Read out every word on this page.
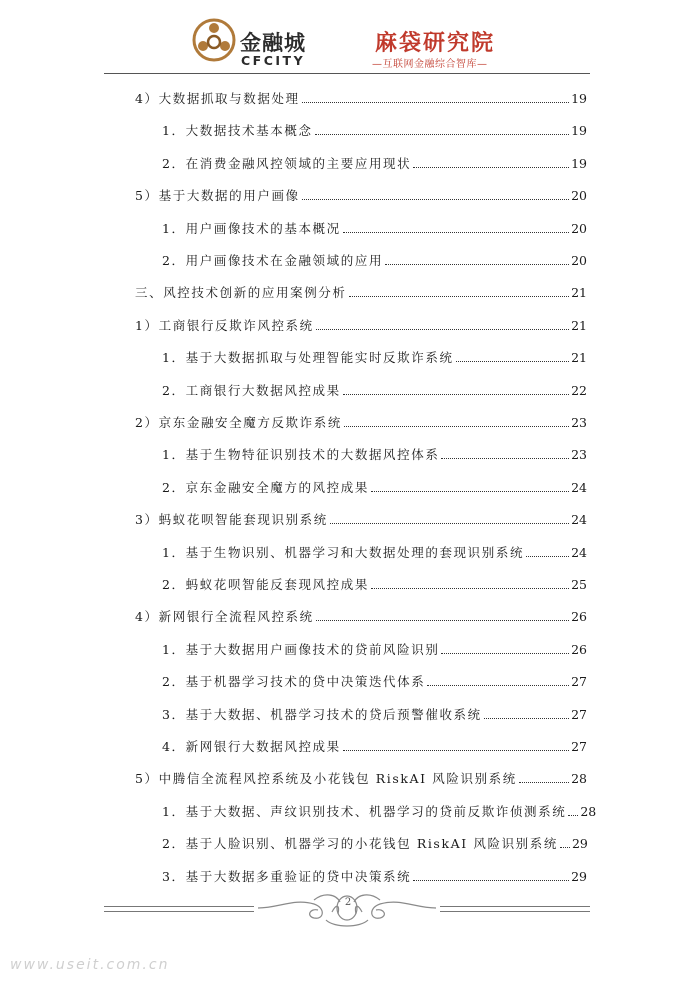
金融城
CFCITY
麻袋研究院
—互联网金融综合智库—
4）大数据抓取与数据处理	19
1．大数据技术基本概念	19
2．在消费金融风控领域的主要应用现状	19
5）基于大数据的用户画像	20
1．用户画像技术的基本概况	20
2．用户画像技术在金融领域的应用	20
三、风控技术创新的应用案例分析	21
1）工商银行反欺诈风控系统	21
1．基于大数据抓取与处理智能实时反欺诈系统	21
2．工商银行大数据风控成果	22
2）京东金融安全魔方反欺诈系统	23
1．基于生物特征识别技术的大数据风控体系	23
2．京东金融安全魔方的风控成果	24
3）蚂蚁花呗智能套现识别系统	24
1．基于生物识别、机器学习和大数据处理的套现识别系统	24
2．蚂蚁花呗智能反套现风控成果	25
4）新网银行全流程风控系统	26
1．基于大数据用户画像技术的贷前风险识别	26
2．基于机器学习技术的贷中决策迭代体系	27
3．基于大数据、机器学习技术的贷后预警催收系统	27
4．新网银行大数据风控成果	27
5）中腾信全流程风控系统及小花钱包 RiskAI 风险识别系统	28
1．基于大数据、声纹识别技术、机器学习的贷前反欺诈侦测系统 28
2．基于人脸识别、机器学习的小花钱包 RiskAI 风险识别系统 29
3．基于大数据多重验证的贷中决策系统	29
2
www.useit.com.cn
